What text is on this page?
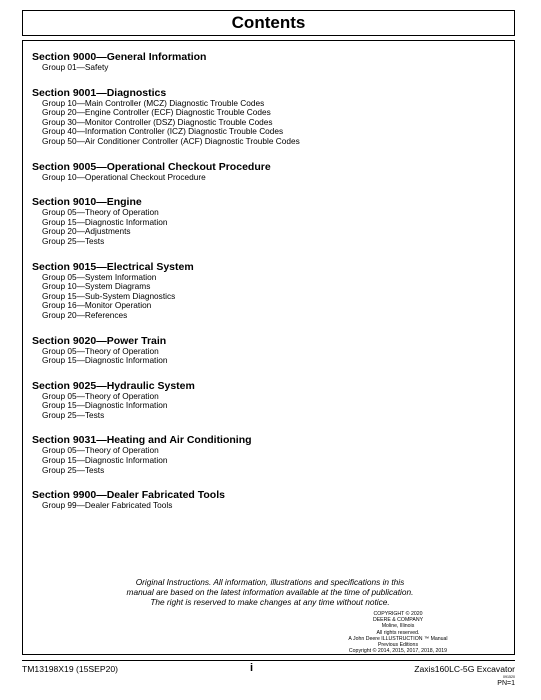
Contents
Section 9000— General Information
Group 01— Safety
Section 9001— Diagnostics
Group 10— Main Controller (MCZ) Diagnostic Trouble Codes
Group 20— Engine Controller (ECF) Diagnostic Trouble Codes
Group 30— Monitor Controller (DSZ) Diagnostic Trouble Codes
Group 40— Information Controller (ICZ) Diagnostic Trouble Codes
Group 50— Air Conditioner Controller (ACF) Diagnostic Trouble Codes
Section 9005— Operational Checkout Procedure
Group 10— Operational Checkout Procedure
Section 9010— Engine
Group 05— Theory of Operation
Group 15— Diagnostic Information
Group 20— Adjustments
Group 25— Tests
Section 9015— Electrical System
Group 05— System Information
Group 10— System Diagrams
Group 15— Sub-System Diagnostics
Group 16— Monitor Operation
Group 20— References
Section 9020— Power Train
Group 05— Theory of Operation
Group 15— Diagnostic Information
Section 9025— Hydraulic System
Group 05— Theory of Operation
Group 15— Diagnostic Information
Group 25— Tests
Section 9031— Heating and Air Conditioning
Group 05— Theory of Operation
Group 15— Diagnostic Information
Group 25— Tests
Section 9900— Dealer Fabricated Tools
Group 99— Dealer Fabricated Tools
Original Instructions. All information, illustrations and specifications in this
manual are based on the latest information available at the time of publication.
The right is reserved to make changes at any time without notice.
COPYRIGHT © 2020
DEERE & COMPANY
Moline, Illinois
All rights reserved.
A John Deere ILLUSTRUCTION ™ Manual
Previous Editions
Copyright © 2014, 2015, 2017, 2018, 2019
TM13198X19 (15SEP20)	i	Zaxis160LC-5G Excavator
091520
PN=1
